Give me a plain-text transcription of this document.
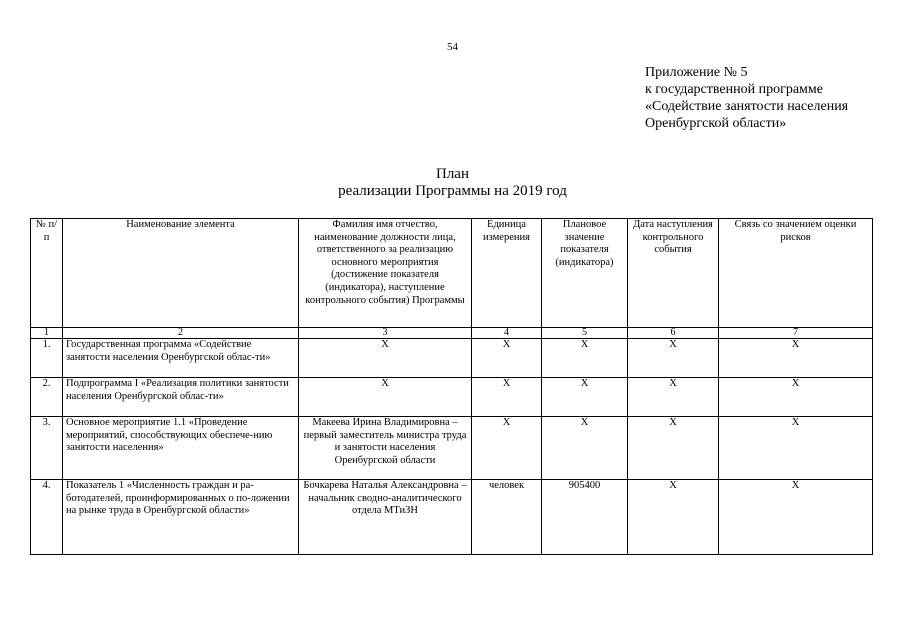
54
Приложение № 5
к государственной программе
«Содействие занятости населения
Оренбургской области»
План
реализации Программы на 2019 год
№ п/п	Наименование элемента	Фамилия имя отчество, наименование должности лица, ответственного за реализацию основного мероприятия (достижение показателя (индикатора), наступление контрольного события) Программы	Единица измерения	Плановое значение показателя (индикатора)	Дата наступления контрольного события	Связь со значением оценки рисков
1	2	3	4	5	6	7
1.	Государственная программа «Содействие занятости населения Оренбургской облас-ти»	Х	Х	Х	Х	Х
2.	Подпрограмма I «Реализация политики занятости населения Оренбургской облас-ти»	Х	Х	Х	Х	Х
3.	Основное мероприятие 1.1 «Проведение мероприятий, способствующих обеспече-нию занятости населения»	Макеева Ирина Владимировна – первый заместитель министра труда и занятости населения Оренбургской области	Х	Х	Х	Х
4.	Показатель 1 «Численность граждан и ра-ботодателей, проинформированных о по-ложении на рынке труда в Оренбургской области»	Бочкарева Наталья Александровна – начальник сводно-аналитического отдела МТиЗН	человек	905400	Х	Х
